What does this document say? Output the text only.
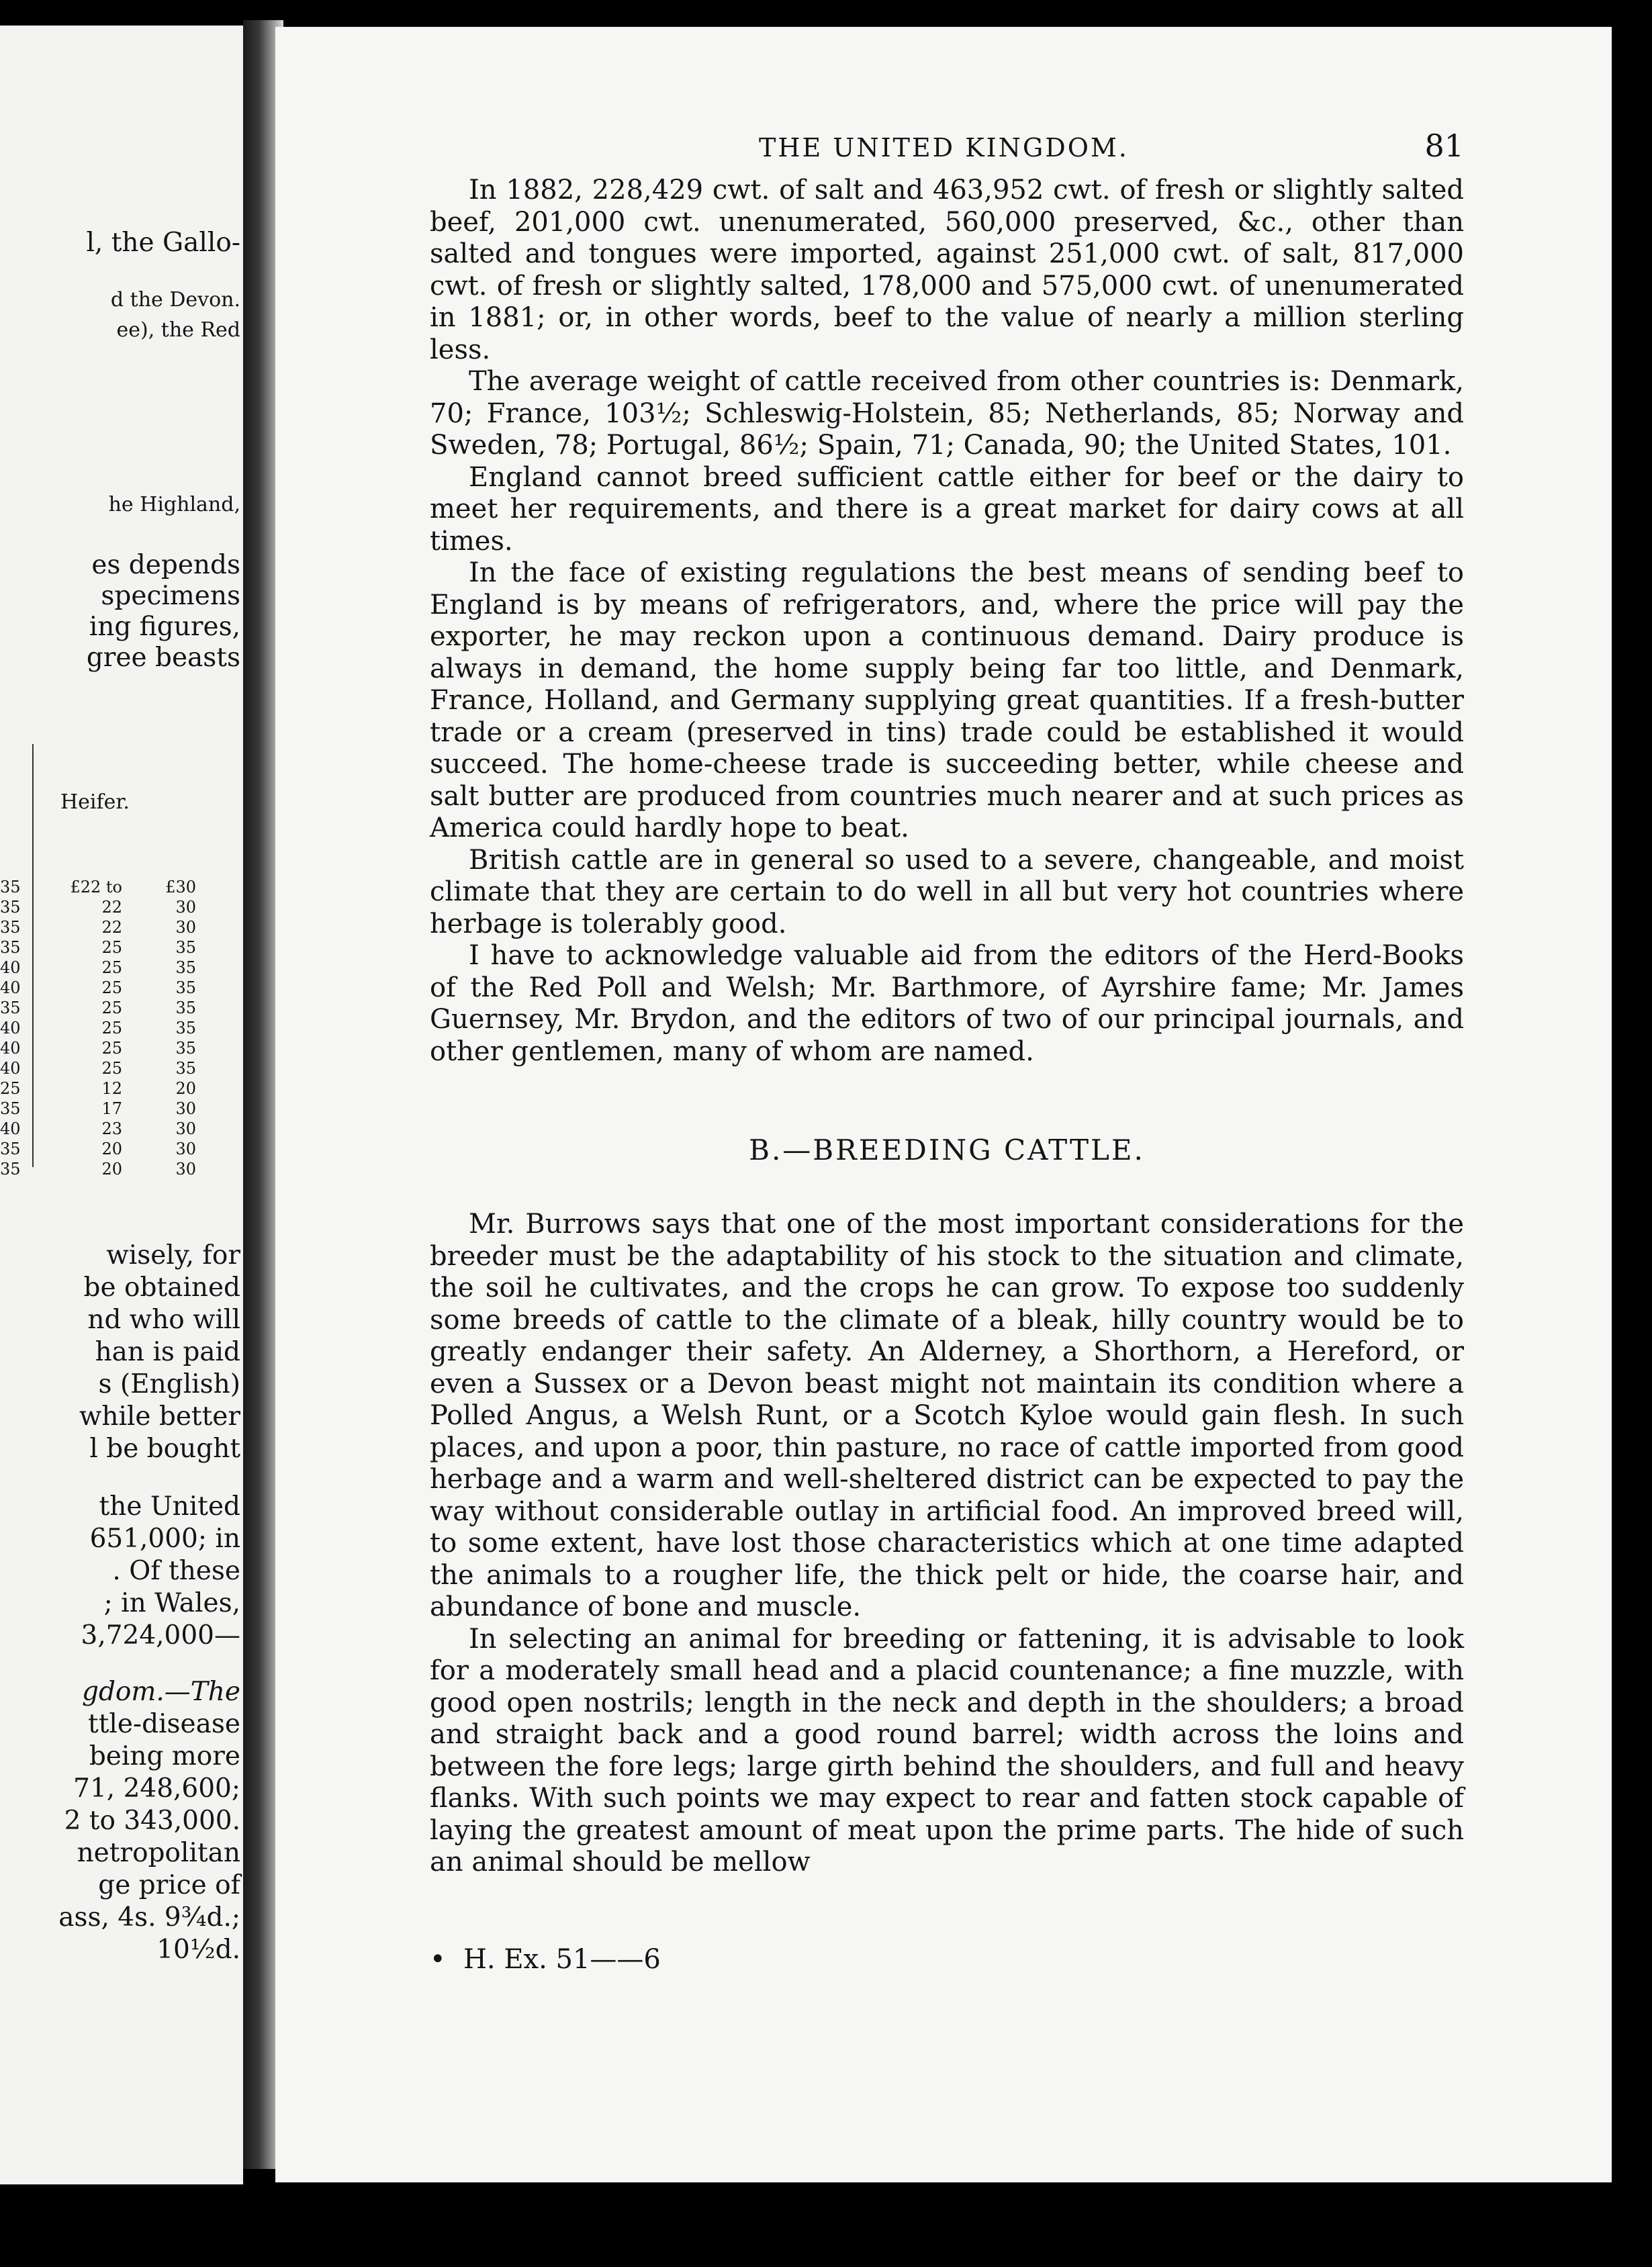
l, the Gallo-

d the Devon.

ee), the Red

he Highland,

es depends

specimens

ing figures,

gree beasts

Heifer.
35	£22 to	£30
35	22	30
35	22	30
35	25	35
40	25	35
40	25	35
35	25	35
40	25	35
40	25	35
40	25	35
25	12	20
35	17	30
40	23	30
35	20	30
35	20	30

wisely, for

be obtained

nd who will

han is paid

s (English)

while better

l be bought

the United

651,000; in

. Of these

; in Wales,

3,724,000—

gdom.—The

ttle-disease

being more

71, 248,600;

2 to 343,000.

netropolitan

ge price of

ass, 4s. 9¾d.;

10½d.

THE UNITED KINGDOM.	81

In 1882, 228,429 cwt. of salt and 463,952 cwt. of fresh or slightly salted beef, 201,000 cwt. unenumerated, 560,000 preserved, &c., other than salted and tongues were imported, against 251,000 cwt. of salt, 817,000 cwt. of fresh or slightly salted, 178,000 and 575,000 cwt. of unenumerated in 1881; or, in other words, beef to the value of nearly a million sterling less.

The average weight of cattle received from other countries is: Denmark, 70; France, 103½; Schleswig-Holstein, 85; Netherlands, 85; Norway and Sweden, 78; Portugal, 86½; Spain, 71; Canada, 90; the United States, 101.

England cannot breed sufficient cattle either for beef or the dairy to meet her requirements, and there is a great market for dairy cows at all times.

In the face of existing regulations the best means of sending beef to England is by means of refrigerators, and, where the price will pay the exporter, he may reckon upon a continuous demand. Dairy produce is always in demand, the home supply being far too little, and Denmark, France, Holland, and Germany supplying great quantities. If a fresh-butter trade or a cream (preserved in tins) trade could be established it would succeed. The home-cheese trade is succeeding better, while cheese and salt butter are produced from countries much nearer and at such prices as America could hardly hope to beat.

British cattle are in general so used to a severe, changeable, and moist climate that they are certain to do well in all but very hot countries where herbage is tolerably good.

I have to acknowledge valuable aid from the editors of the Herd-Books of the Red Poll and Welsh; Mr. Barthmore, of Ayrshire fame; Mr. James Guernsey, Mr. Brydon, and the editors of two of our principal journals, and other gentlemen, many of whom are named.

B.—BREEDING CATTLE.

Mr. Burrows says that one of the most important considerations for the breeder must be the adaptability of his stock to the situation and climate, the soil he cultivates, and the crops he can grow. To expose too suddenly some breeds of cattle to the climate of a bleak, hilly country would be to greatly endanger their safety. An Alderney, a Shorthorn, a Hereford, or even a Sussex or a Devon beast might not maintain its condition where a Polled Angus, a Welsh Runt, or a Scotch Kyloe would gain flesh. In such places, and upon a poor, thin pasture, no race of cattle imported from good herbage and a warm and well-sheltered district can be expected to pay the way without considerable outlay in artificial food. An improved breed will, to some extent, have lost those characteristics which at one time adapted the animals to a rougher life, the thick pelt or hide, the coarse hair, and abundance of bone and muscle.

In selecting an animal for breeding or fattening, it is advisable to look for a moderately small head and a placid countenance; a fine muzzle, with good open nostrils; length in the neck and depth in the shoulders; a broad and straight back and a good round barrel; width across the loins and between the fore legs; large girth behind the shoulders, and full and heavy flanks. With such points we may expect to rear and fatten stock capable of laying the greatest amount of meat upon the prime parts. The hide of such an animal should be mellow

• H. Ex. 51——6
